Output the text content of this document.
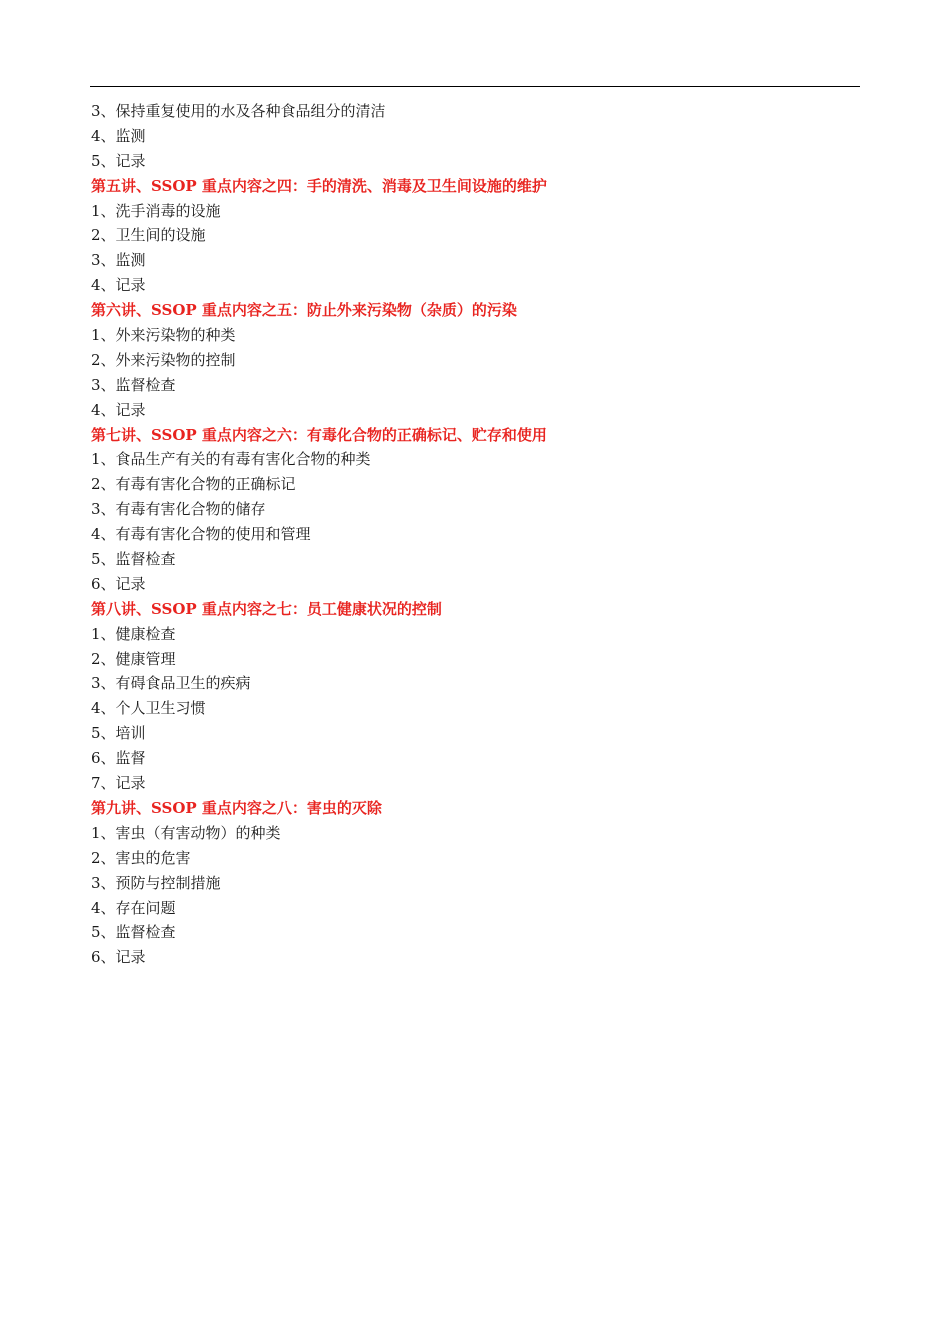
3、保持重复使用的水及各种食品组分的清洁
4、监测
5、记录
第五讲、SSOP 重点内容之四：手的清洗、消毒及卫生间设施的维护
1、洗手消毒的设施
2、卫生间的设施
3、监测
4、记录
第六讲、SSOP 重点内容之五：防止外来污染物（杂质）的污染
1、外来污染物的种类
2、外来污染物的控制
3、监督检查
4、记录
第七讲、SSOP 重点内容之六：有毒化合物的正确标记、贮存和使用
1、食品生产有关的有毒有害化合物的种类
2、有毒有害化合物的正确标记
3、有毒有害化合物的储存
4、有毒有害化合物的使用和管理
5、监督检查
6、记录
第八讲、SSOP 重点内容之七：员工健康状况的控制
1、健康检查
2、健康管理
3、有碍食品卫生的疾病
4、个人卫生习惯
5、培训
6、监督
7、记录
第九讲、SSOP 重点内容之八：害虫的灭除
1、害虫（有害动物）的种类
2、害虫的危害
3、预防与控制措施
4、存在问题
5、监督检查
6、记录
